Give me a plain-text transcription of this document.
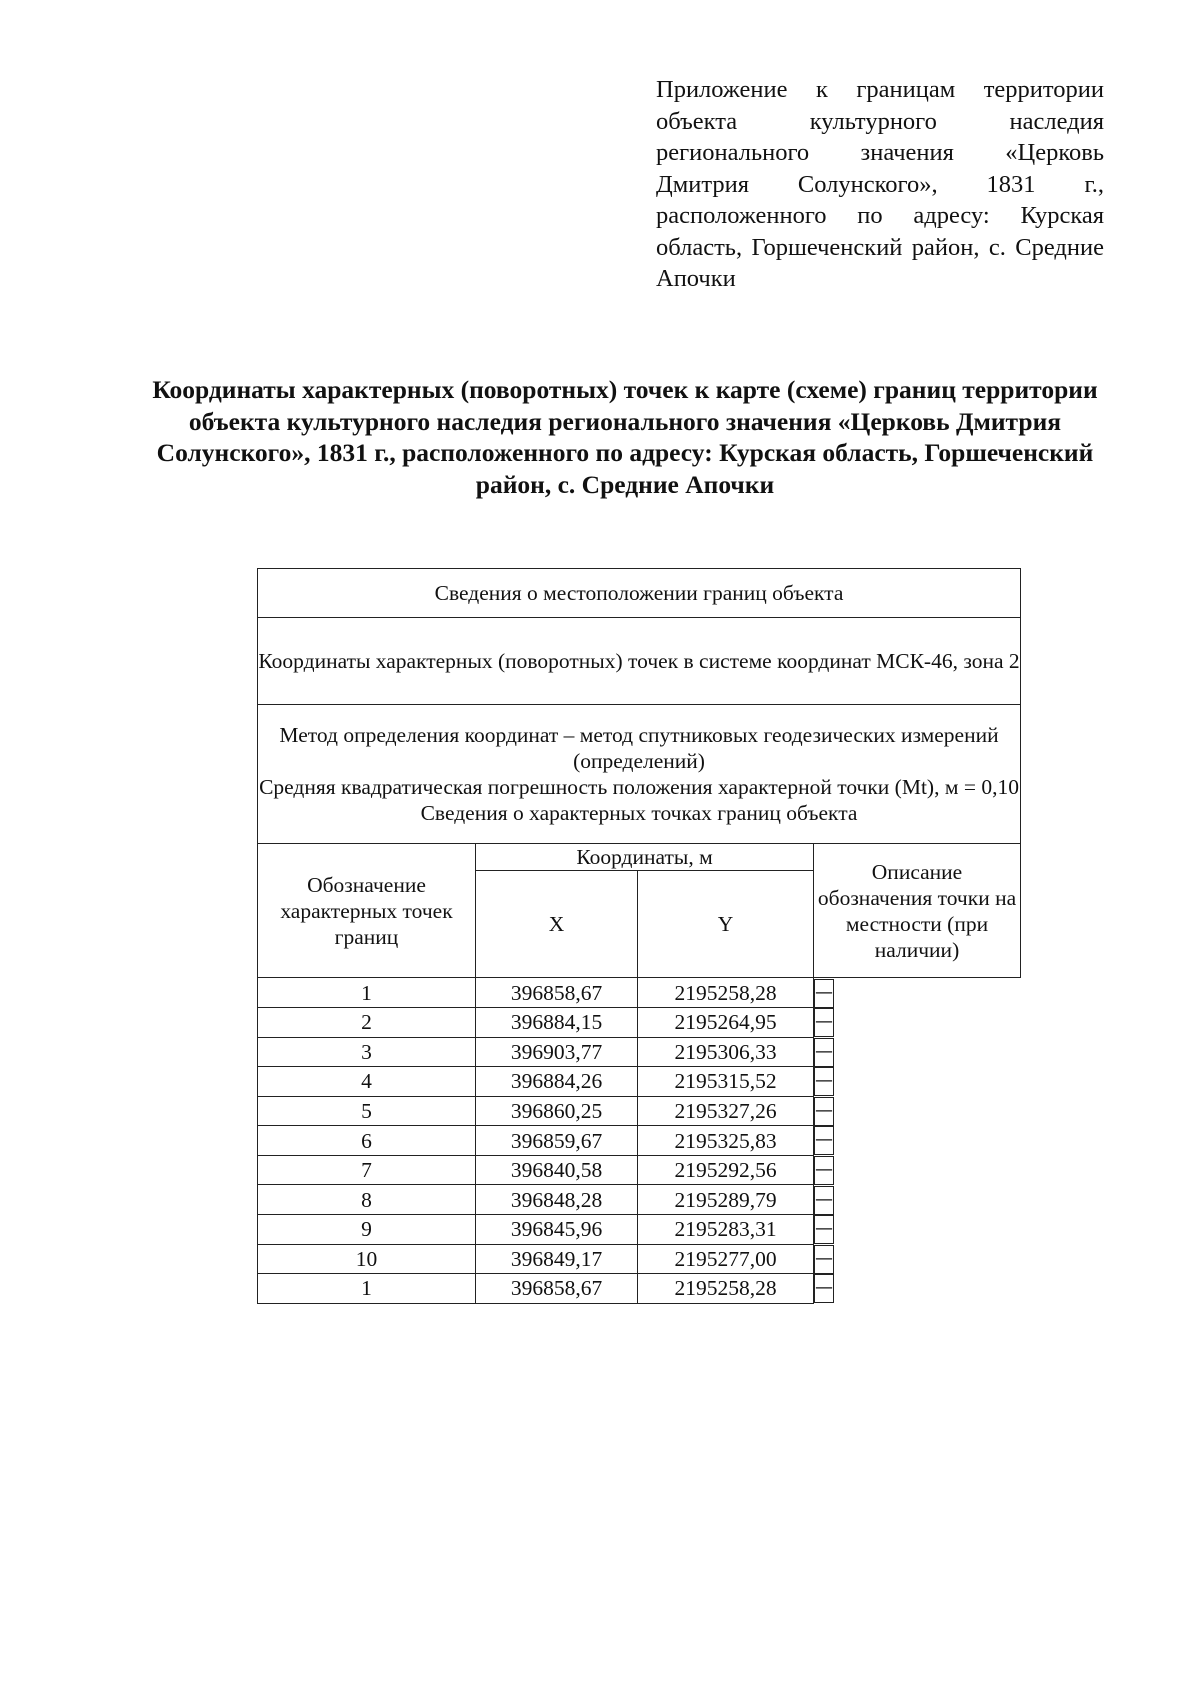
Приложение к границам территории объекта культурного наследия регионального значения «Церковь Дмитрия Солунского», 1831 г., расположенного по адресу: Курская область, Горшеченский район, с. Средние Апочки
Координаты характерных (поворотных) точек к карте (схеме) границ территории объекта культурного наследия регионального значения «Церковь Дмитрия Солунского», 1831 г., расположенного по адресу: Курская область, Горшеченский район, с. Средние Апочки
Сведения о местоположении границ объекта			
Координаты характерных (поворотных) точек в системе координат МСК-46, зона 2			

Метод определения координат – метод спутниковых геодезических измерений (определений)
Средняя квадратическая погрешность положения характерной точки (Mt), м = 0,10
Сведения о характерных точках границ объекта			

Обозначение характерных точек границ	Координаты, м		Описание обозначения точки на местности (при наличии)
	X	Y	
1	396858,67	2195258,28	—
2	396884,15	2195264,95	—
3	396903,77	2195306,33	—
4	396884,26	2195315,52	—
5	396860,25	2195327,26	—
6	396859,67	2195325,83	—
7	396840,58	2195292,56	—
8	396848,28	2195289,79	—
9	396845,96	2195283,31	—
10	396849,17	2195277,00	—
1	396858,67	2195258,28	—
